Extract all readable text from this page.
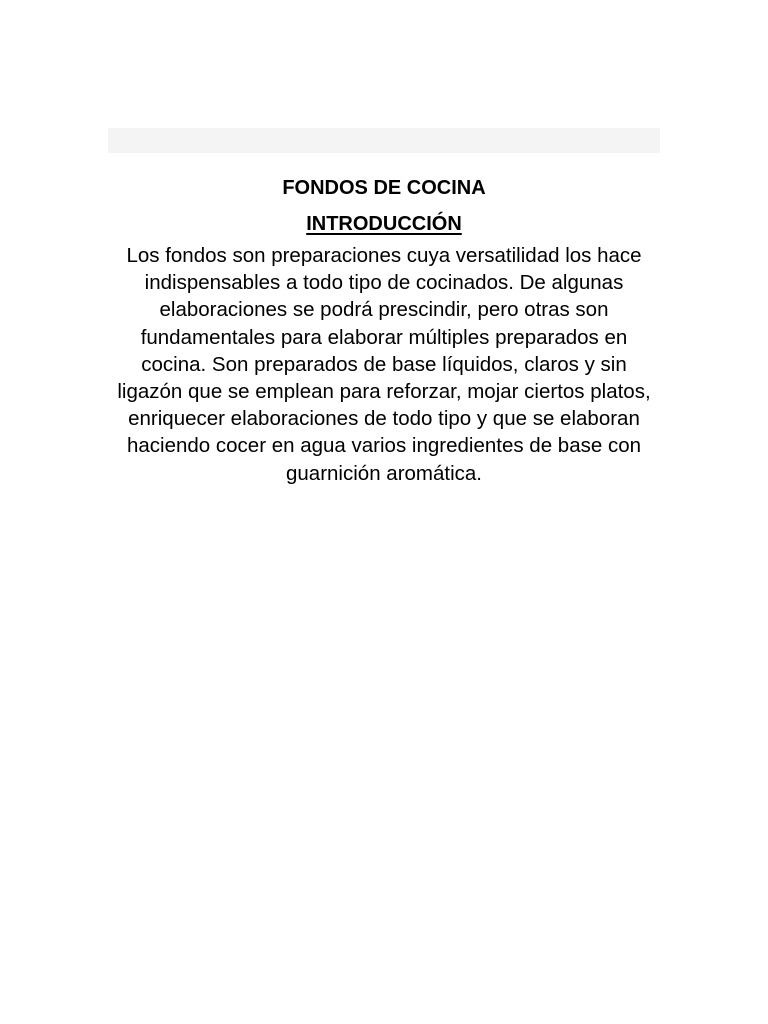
FONDOS DE COCINA
INTRODUCCIÓN

Los fondos son preparaciones cuya versatilidad los hace indispensables a todo tipo de cocinados. De algunas elaboraciones se podrá prescindir, pero otras son fundamentales para elaborar múltiples preparados en cocina. Son preparados de base líquidos, claros y sin ligazón que se emplean para reforzar, mojar ciertos platos, enriquecer elaboraciones de todo tipo y que se elaboran haciendo cocer en agua varios ingredientes de base con guarnición aromática.
